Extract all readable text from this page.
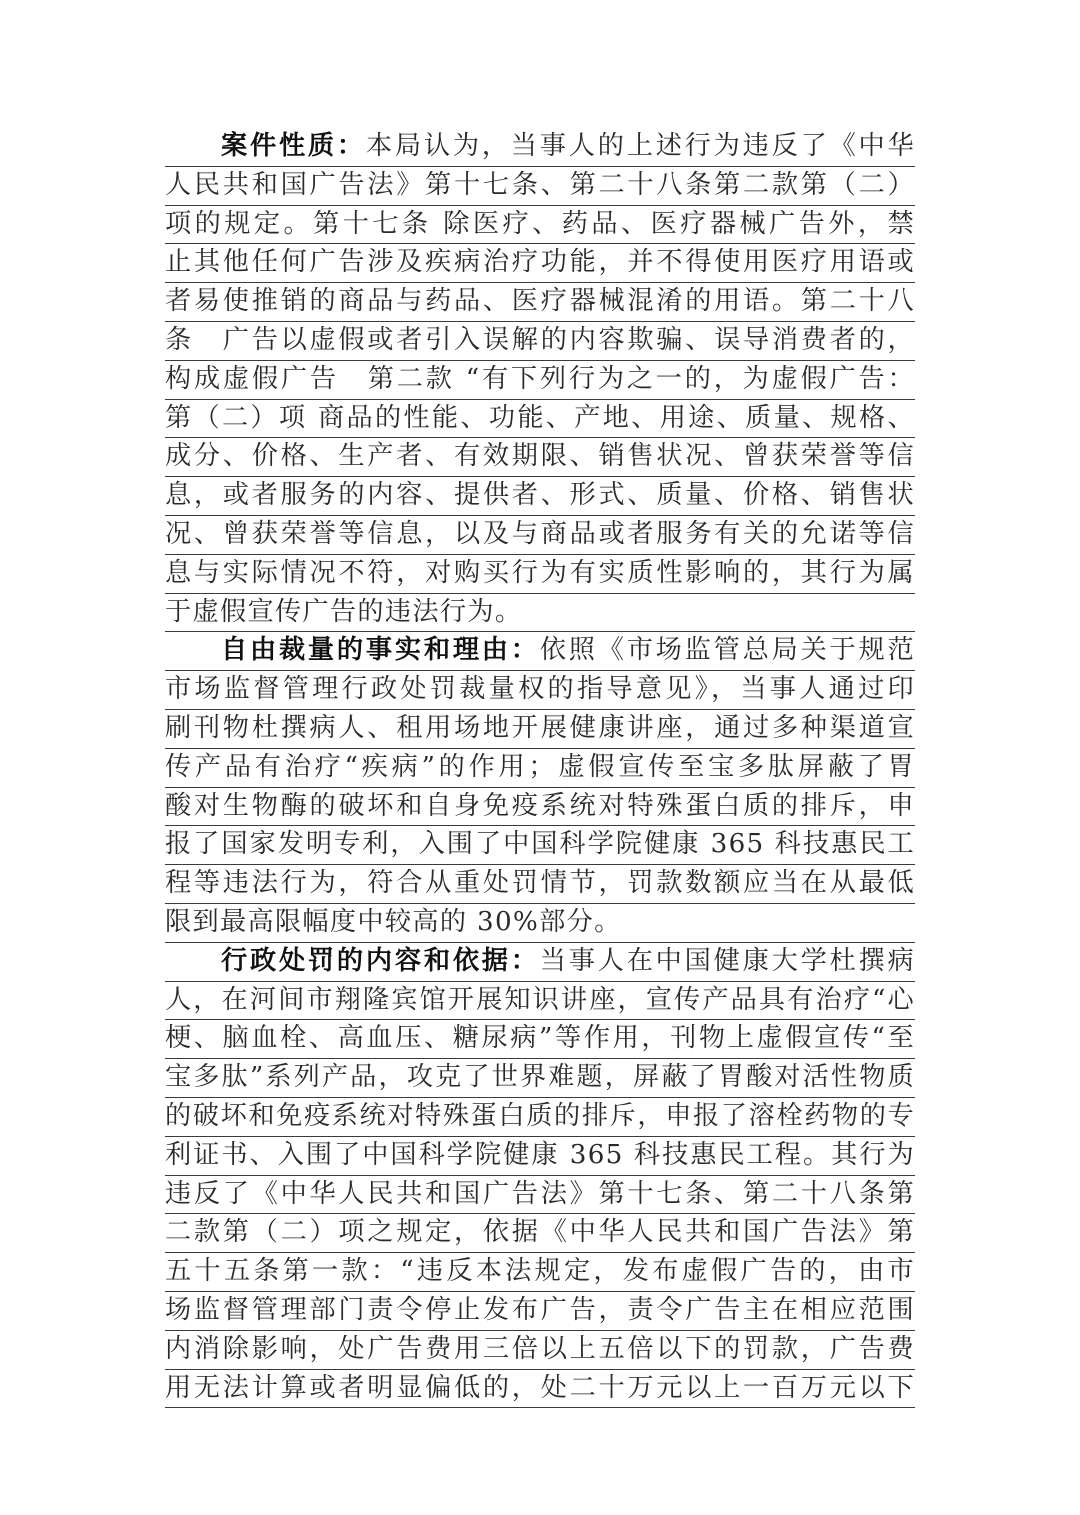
案件性质：本局认为，当事人的上述行为违反了《中华
人民共和国广告法》第十七条、第二十八条第二款第（二）
项的规定。第十七条 除医疗、药品、医疗器械广告外，禁
止其他任何广告涉及疾病治疗功能，并不得使用医疗用语或
者易使推销的商品与药品、医疗器械混淆的用语。第二十八
条　广告以虚假或者引入误解的内容欺骗、误导消费者的，
构成虚假广告　第二款 “有下列行为之一的，为虚假广告：
第（二）项 商品的性能、功能、产地、用途、质量、规格、
成分、价格、生产者、有效期限、销售状况、曾获荣誉等信
息，或者服务的内容、提供者、形式、质量、价格、销售状
况、曾获荣誉等信息，以及与商品或者服务有关的允诺等信
息与实际情况不符，对购买行为有实质性影响的，其行为属
于虚假宣传广告的违法行为。
自由裁量的事实和理由：依照《市场监管总局关于规范
市场监督管理行政处罚裁量权的指导意见》，当事人通过印
刷刊物杜撰病人、租用场地开展健康讲座，通过多种渠道宣
传产品有治疗“疾病”的作用；虚假宣传至宝多肽屏蔽了胃
酸对生物酶的破坏和自身免疫系统对特殊蛋白质的排斥，申
报了国家发明专利，入围了中国科学院健康 365 科技惠民工
程等违法行为，符合从重处罚情节，罚款数额应当在从最低
限到最高限幅度中较高的 30%部分。
行政处罚的内容和依据：当事人在中国健康大学杜撰病
人，在河间市翔隆宾馆开展知识讲座，宣传产品具有治疗“心
梗、脑血栓、高血压、糖尿病”等作用，刊物上虚假宣传“至
宝多肽”系列产品，攻克了世界难题，屏蔽了胃酸对活性物质
的破坏和免疫系统对特殊蛋白质的排斥，申报了溶栓药物的专
利证书、入围了中国科学院健康 365 科技惠民工程。其行为
违反了《中华人民共和国广告法》第十七条、第二十八条第
二款第（二）项之规定，依据《中华人民共和国广告法》第
五十五条第一款：“违反本法规定，发布虚假广告的，由市
场监督管理部门责令停止发布广告，责令广告主在相应范围
内消除影响，处广告费用三倍以上五倍以下的罚款，广告费
用无法计算或者明显偏低的，处二十万元以上一百万元以下
